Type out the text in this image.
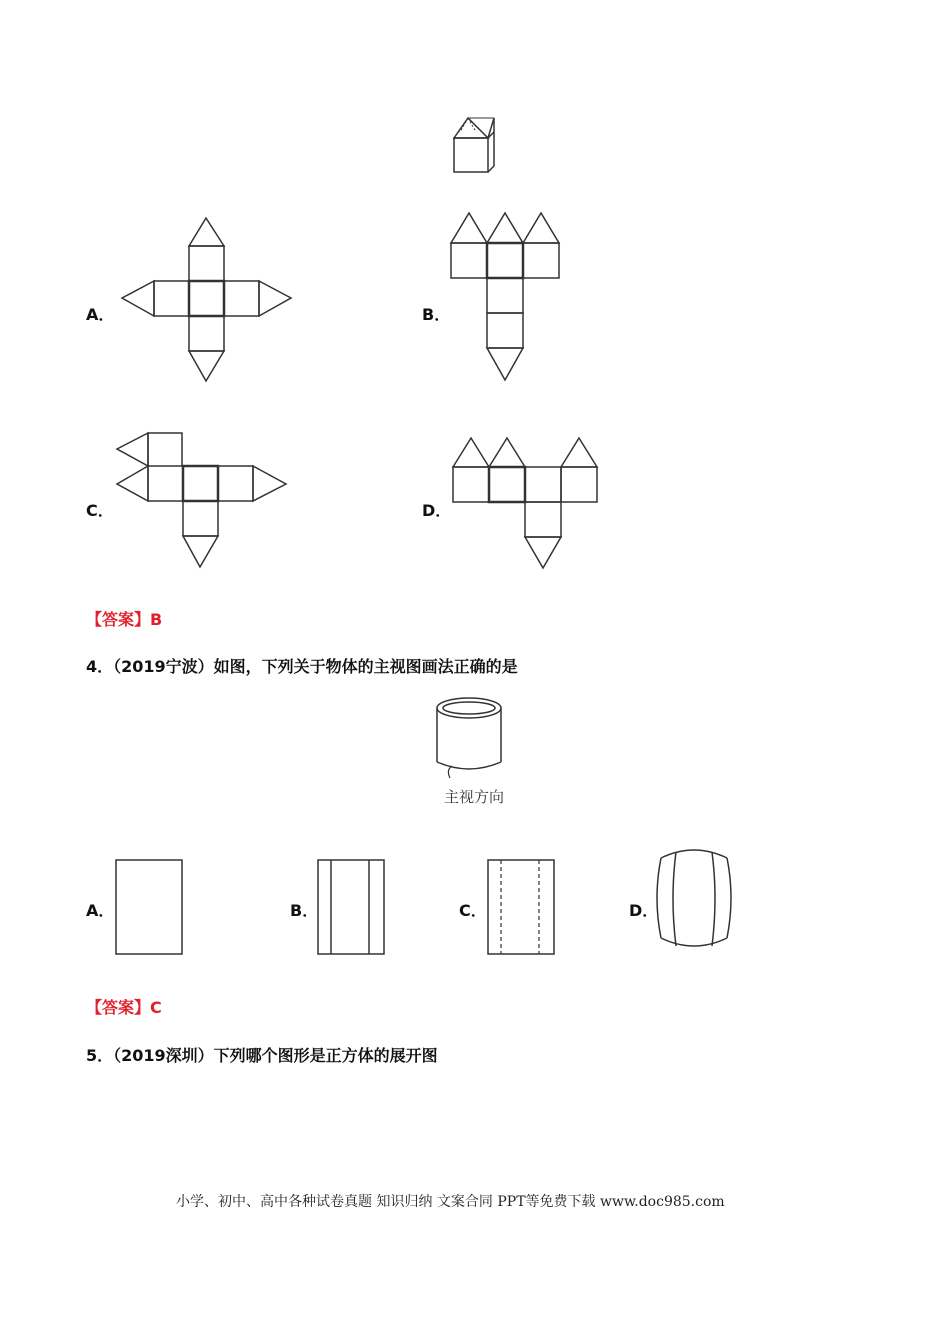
A．	B．
C．	D．
【答案】B
4．（2019宁波）如图，下列关于物体的主视图画法正确的是
主视方向
A．	B．	C．	D．
【答案】C
5．（2019深圳）下列哪个图形是正方体的展开图
小学、初中、高中各种试卷真题 知识归纳 文案合同 PPT等免费下载 www.doc985.com
